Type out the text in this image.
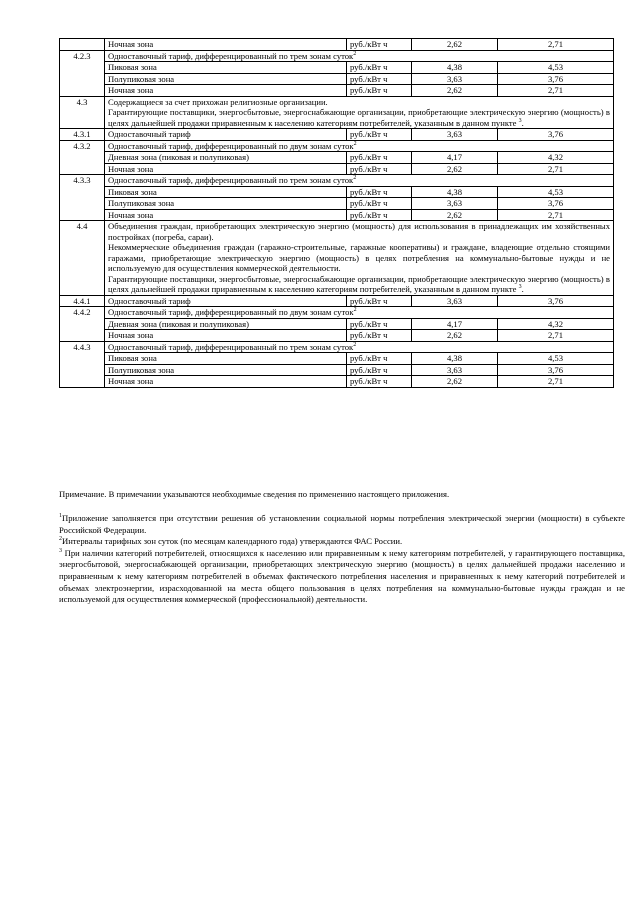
	Ночная зона	руб./кВт ч	2,62	2,71
4.2.3	Одноставочный тариф, дифференцированный по трем зонам суток$^2$
	Пиковая зона	руб./кВт ч	4,38	4,53
	Полупиковая зона	руб./кВт ч	3,63	3,76
	Ночная зона	руб./кВт ч	2,62	2,71
4.3	Содержащиеся за счет прихожан религиозные организации.

Гарантирующие поставщики, энергосбытовые, энергоснабжающие организации, приобретающие электрическую энергию (мощность) в целях дальнейшей продажи приравненным к населению категориям потребителей, указанным в данном пункте $^3$.			

4.3.1	Одноставочный тариф	руб./кВт ч	3,63	3,76
4.3.2	Одноставочный тариф, дифференцированный по двум зонам суток$^2$
	Дневная зона (пиковая и полупиковая)	руб./кВт ч	4,17	4,32
	Ночная зона	руб./кВт ч	2,62	2,71
4.3.3	Одноставочный тариф, дифференцированный по трем зонам суток$^2$
	Пиковая зона	руб./кВт ч	4,38	4,53
	Полупиковая зона	руб./кВт ч	3,63	3,76
	Ночная зона	руб./кВт ч	2,62	2,71
4.4	Объединения граждан, приобретающих электрическую энергию (мощность) для использования в принадлежащих им хозяйственных постройках (погреба, сараи).

Некоммерческие объединения граждан (гаражно-строительные, гаражные кооперативы) и граждане, владеющие отдельно стоящими гаражами, приобретающие электрическую энергию (мощность) в целях потребления на коммунально-бытовые нужды и не используемую для осуществления коммерческой деятельности.

Гарантирующие поставщики, энергосбытовые, энергоснабжающие организации, приобретающие электрическую энергию (мощность) в целях дальнейшей продажи приравненным к населению категориям потребителей, указанным в данном пункте $^3$.			

4.4.1	Одноставочный тариф	руб./кВт ч	3,63	3,76
4.4.2	Одноставочный тариф, дифференцированный по двум зонам суток$^2$
	Дневная зона (пиковая и полупиковая)	руб./кВт ч	4,17	4,32
	Ночная зона	руб./кВт ч	2,62	2,71
4.4.3	Одноставочный тариф, дифференцированный по трем зонам суток$^2$
	Пиковая зона	руб./кВт ч	4,38	4,53
	Полупиковая зона	руб./кВт ч	3,63	3,76
	Ночная зона	руб./кВт ч	2,62	2,71
Примечание. В примечании указываются необходимые сведения по применению настоящего приложения.

$^1$Приложение заполняется при отсутствии решения об установлении социальной нормы потребления электрической энергии (мощности) в субъекте Российской Федерации.

$^2$Интервалы тарифных зон суток (по месяцам календарного года) утверждаются ФАС России.

$^3$ При наличии категорий потребителей, относящихся к населению или приравненным к нему категориям потребителей, у гарантирующего поставщика, энергосбытовой, энергоснабжающей организации, приобретающих электрическую энергию (мощность) в целях дальнейшей продажи населению и приравненным к нему категориям потребителей в объемах фактического потребления населения и приравненных к нему категорий потребителей и объемах электроэнергии, израсходованной на места общего пользования в целях потребления на коммунально-бытовые нужды граждан и не используемой для осуществления коммерческой (профессиональной) деятельности.
